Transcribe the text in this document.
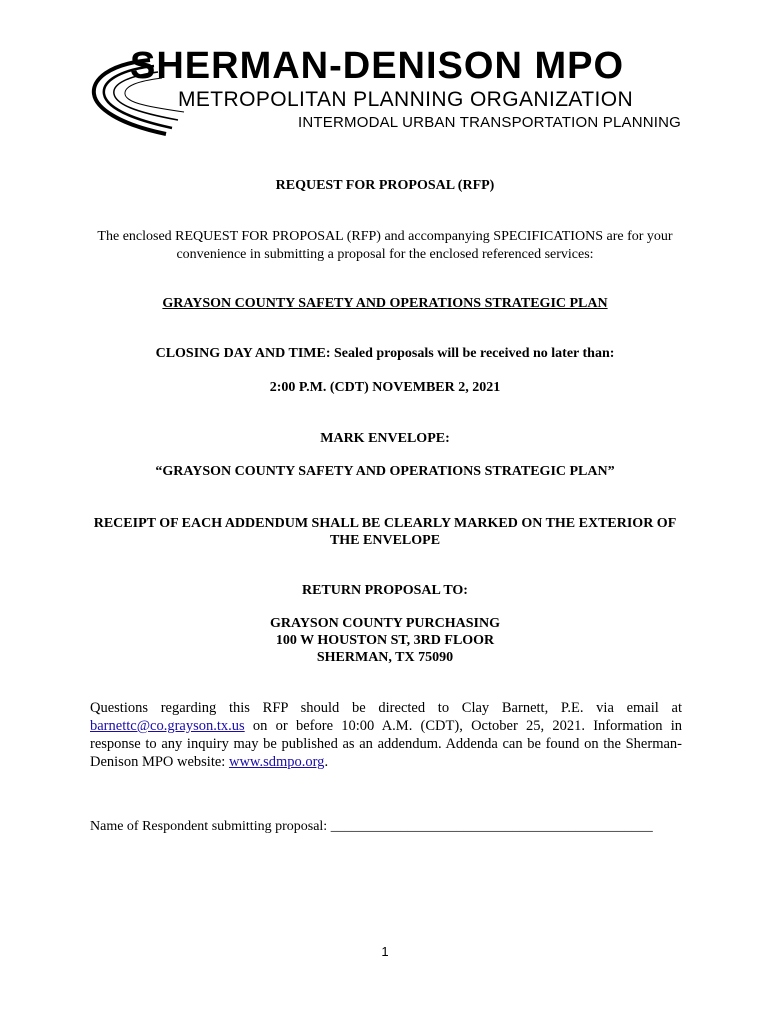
SHERMAN-DENISON MPO
METROPOLITAN PLANNING ORGANIZATION
INTERMODAL URBAN TRANSPORTATION PLANNING
REQUEST FOR PROPOSAL (RFP)
The enclosed REQUEST FOR PROPOSAL (RFP) and accompanying SPECIFICATIONS are for your convenience in submitting a proposal for the enclosed referenced services:
GRAYSON COUNTY SAFETY AND OPERATIONS STRATEGIC PLAN
CLOSING DAY AND TIME: Sealed proposals will be received no later than:
2:00 P.M. (CDT) NOVEMBER 2, 2021
MARK ENVELOPE:
“GRAYSON COUNTY SAFETY AND OPERATIONS STRATEGIC PLAN”
RECEIPT OF EACH ADDENDUM SHALL BE CLEARLY MARKED ON THE EXTERIOR OF
THE ENVELOPE
RETURN PROPOSAL TO:
GRAYSON COUNTY PURCHASING
100 W HOUSTON ST, 3RD FLOOR
SHERMAN, TX 75090
Questions regarding this RFP should be directed to Clay Barnett, P.E. via email at barnettc@co.grayson.tx.us on or before 10:00 A.M. (CDT), October 25, 2021. Information in response to any inquiry may be published as an addendum. Addenda can be found on the Sherman-Denison MPO website: www.sdmpo.org.
Name of Respondent submitting proposal: ______________________________________________
1
